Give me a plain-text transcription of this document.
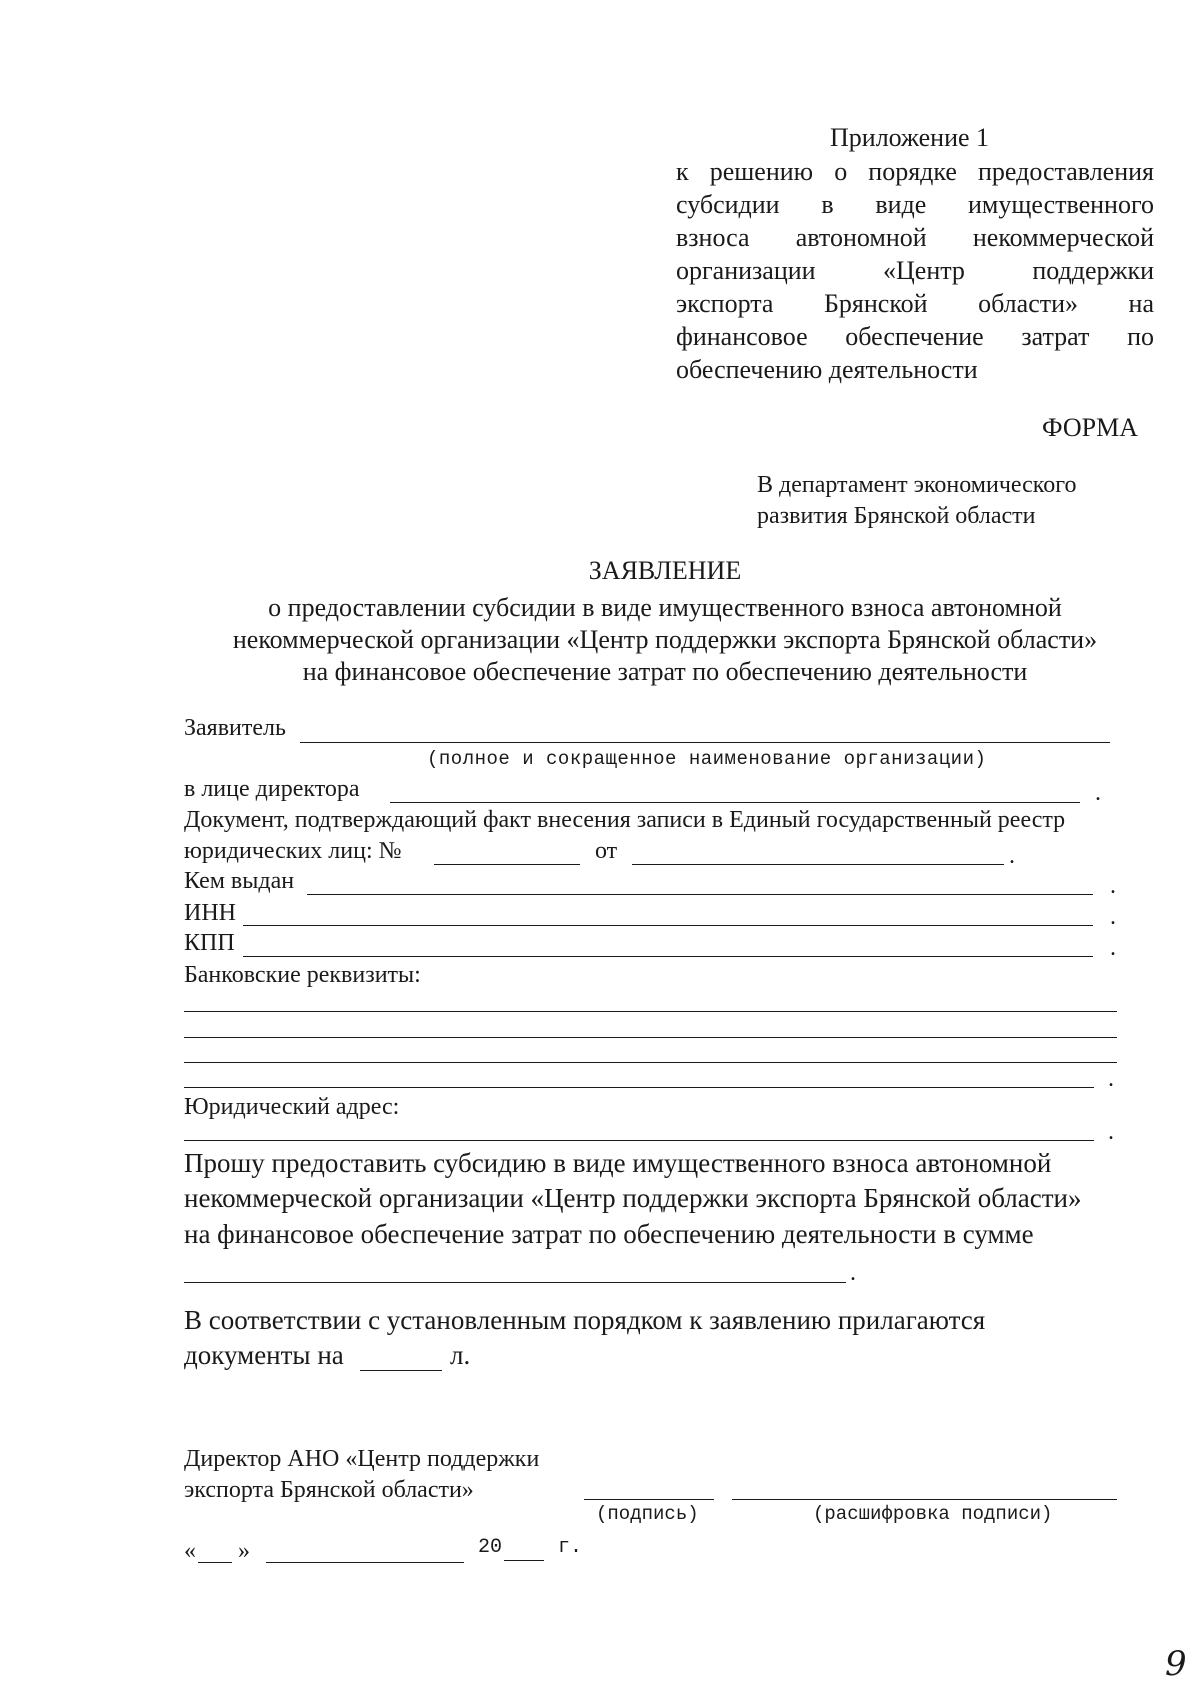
Приложение 1
к решению о порядке предоставления
субсидии в виде имущественного
взноса автономной некоммерческой
организации «Центр поддержки
экспорта Брянской области» на
финансовое обеспечение затрат по
обеспечению деятельности
ФОРМА
В департамент экономического
развития Брянской области
ЗАЯВЛЕНИЕ
о предоставлении субсидии в виде имущественного взноса автономной
некоммерческой организации «Центр поддержки экспорта Брянской области»
на финансовое обеспечение затрат по обеспечению деятельности
Заявитель
(полное и сокращенное наименование организации)
в лице директора	.
Документ, подтверждающий факт внесения записи в Единый государственный реестр
юридических лиц: №	от	.
Кем выдан	.
ИНН	.
КПП	.
Банковские реквизиты:
.
Юридический адрес:
.
Прошу предоставить субсидию в виде имущественного взноса автономной
некоммерческой организации «Центр поддержки экспорта Брянской области»
на финансовое обеспечение затрат по обеспечению деятельности в сумме
.
В соответствии с установленным порядком к заявлению прилагаются
документы на	л.
Директор АНО «Центр поддержки
экспорта Брянской области»
(подпись)	(расшифровка подписи)
« »	20	г.
9
